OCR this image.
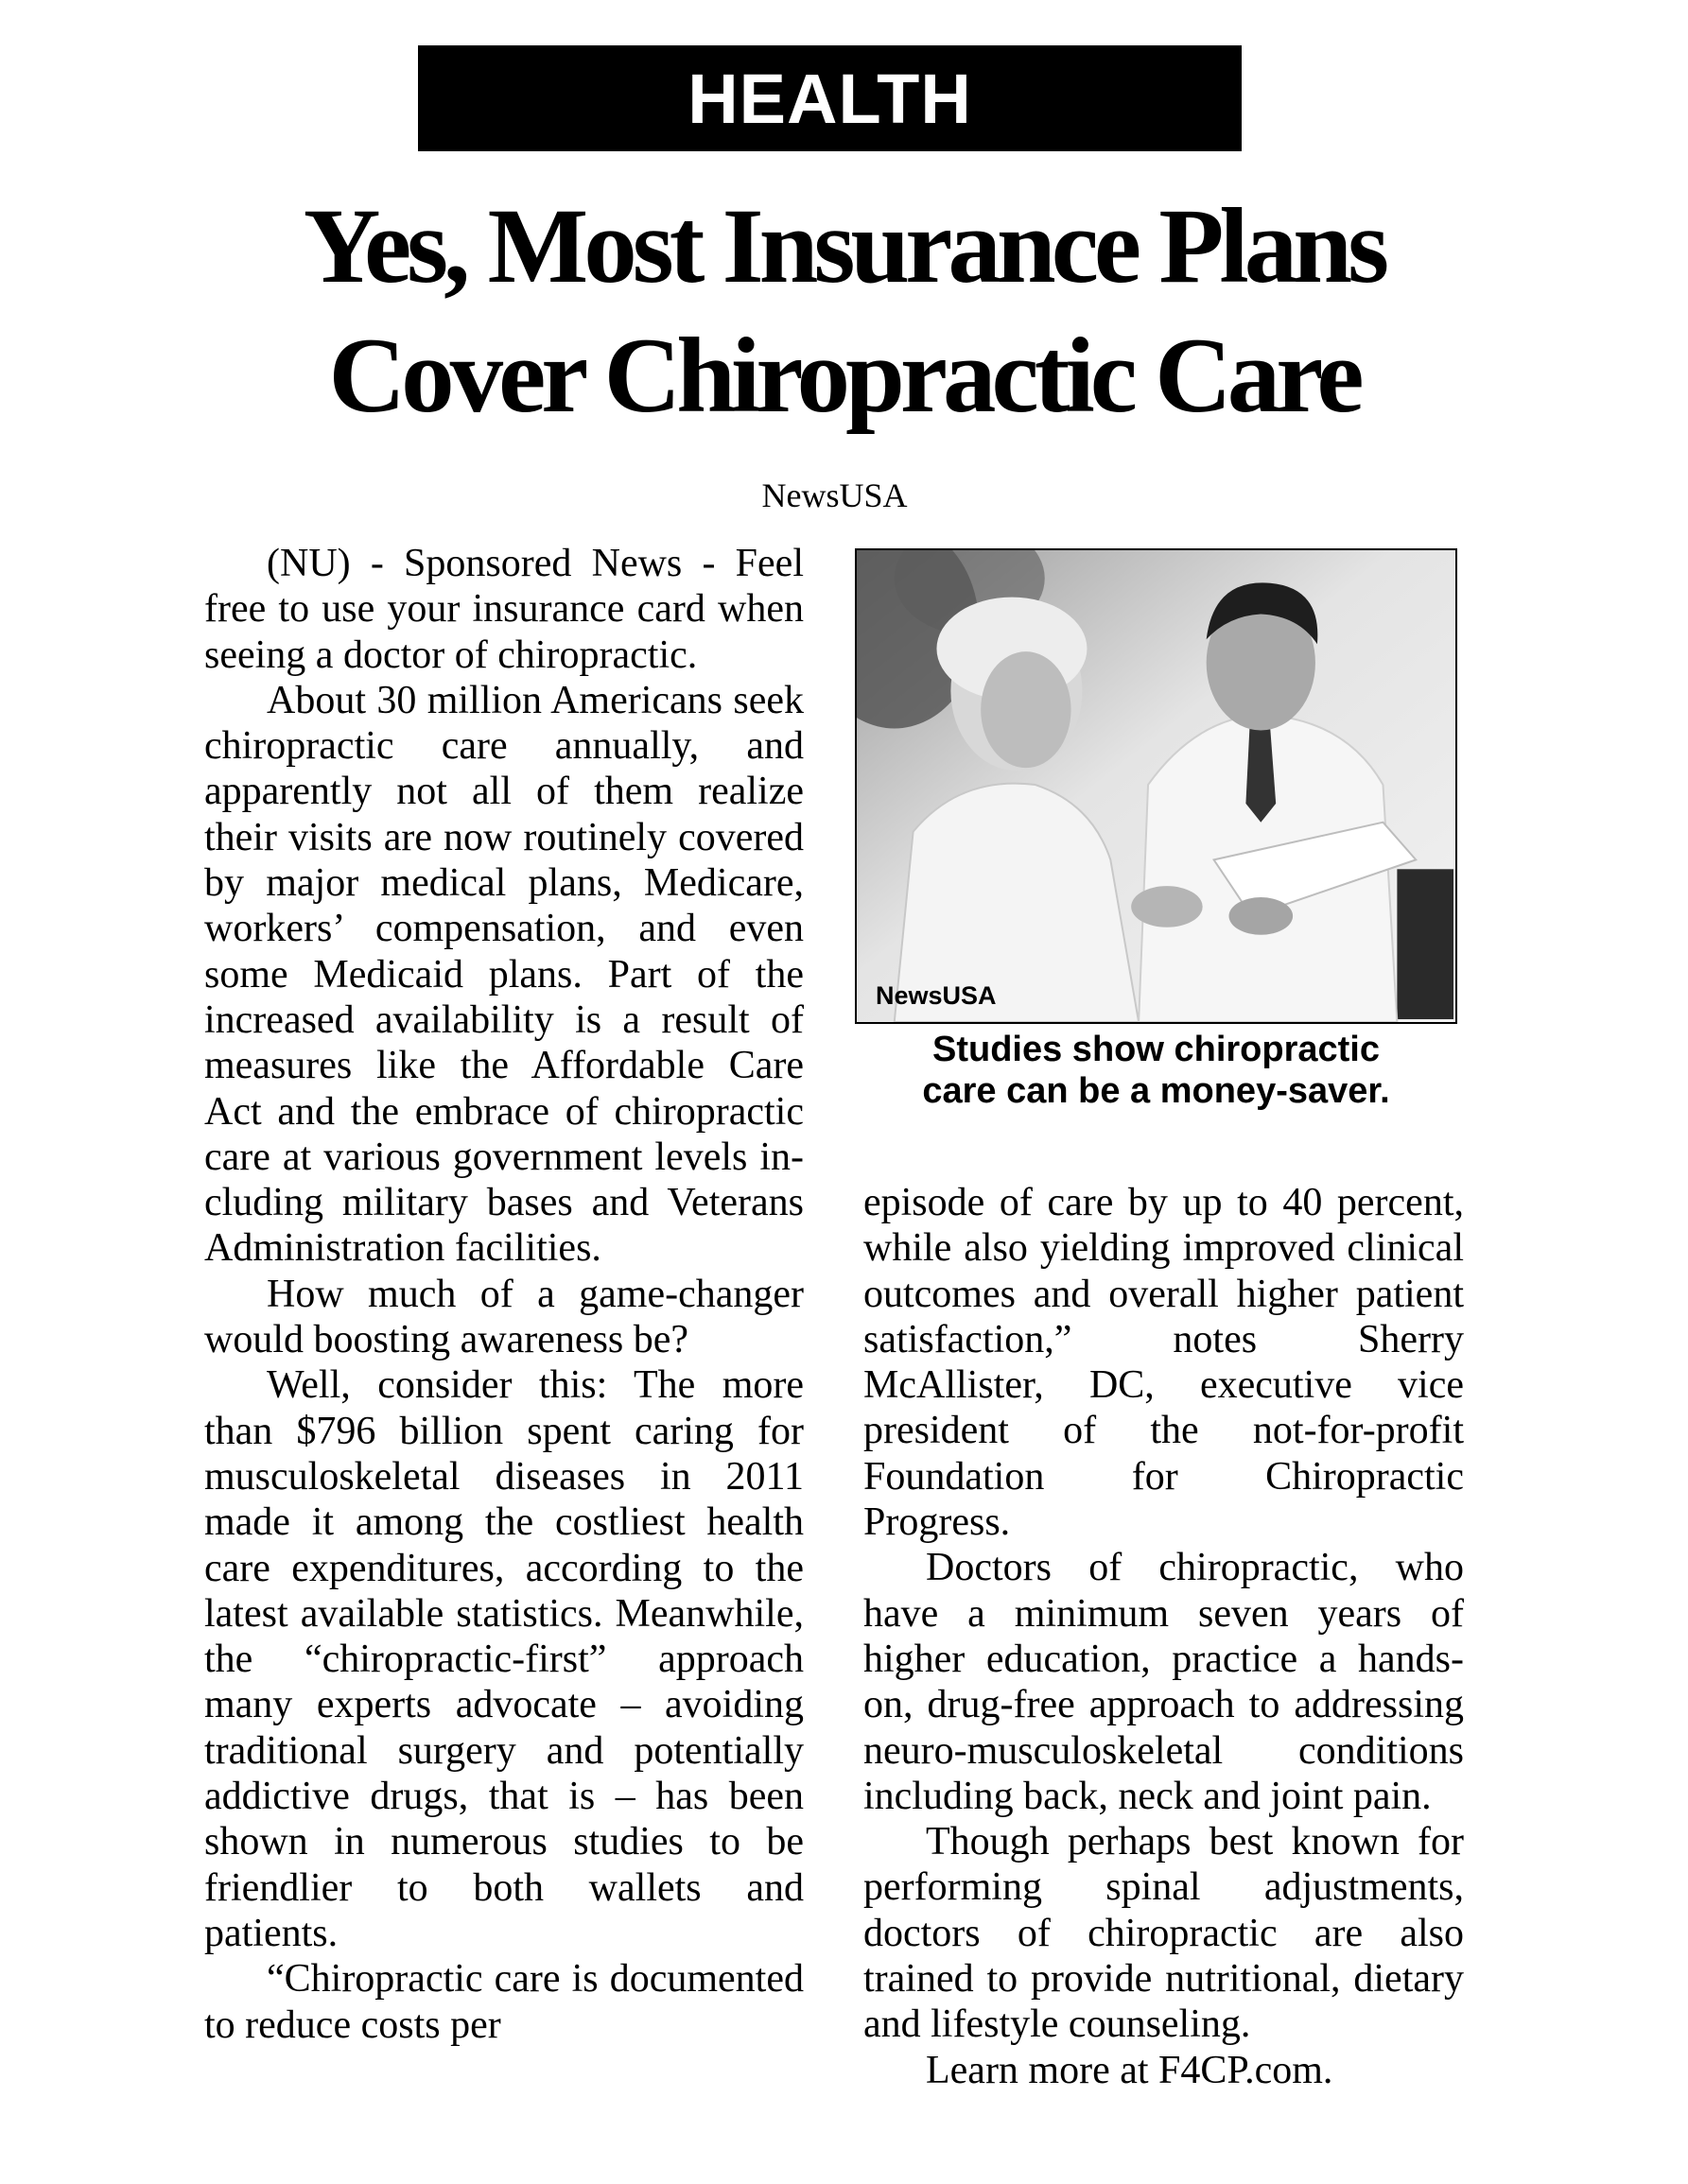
HEALTH
Yes, Most Insurance Plans
Cover Chiropractic Care
NewsUSA

(NU) - Sponsored News - Feel free to use your insurance card when seeing a doctor of chiropractic.

About 30 million Americans seek chiropractic care annually, and apparently not all of them realize their visits are now routinely covered by major medical plans, Medicare, workers’ compensation, and even some Medicaid plans. Part of the increased availability is a result of measures like the Affordable Care Act and the embrace of chiropractic care at various government levels including military bases and Veterans Administration facilities.

How much of a game-changer would boosting awareness be?

Well, consider this: The more than $796 billion spent caring for musculoskeletal diseases in 2011 made it among the costliest health care expenditures, according to the latest available statistics. Meanwhile, the “chiropractic-first” approach many experts advocate – avoiding traditional surgery and potentially addictive drugs, that is – has been shown in numerous studies to be friendlier to both wallets and patients.

“Chiropractic care is documented to reduce costs per

NewsUSA
Studies show chiropractic
care can be a money-saver.

episode of care by up to 40 percent, while also yielding improved clinical outcomes and overall higher patient satisfaction,” notes Sherry McAllister, DC, executive vice president of the not-for-profit Foundation for Chiropractic Progress.

Doctors of chiropractic, who have a minimum seven years of higher education, practice a hands-on, drug-free approach to addressing neuro-musculoskeletal conditions including back, neck and joint pain.

Though perhaps best known for performing spinal adjustments, doctors of chiropractic are also trained to provide nutritional, dietary and lifestyle counseling.

Learn more at F4CP.com.
